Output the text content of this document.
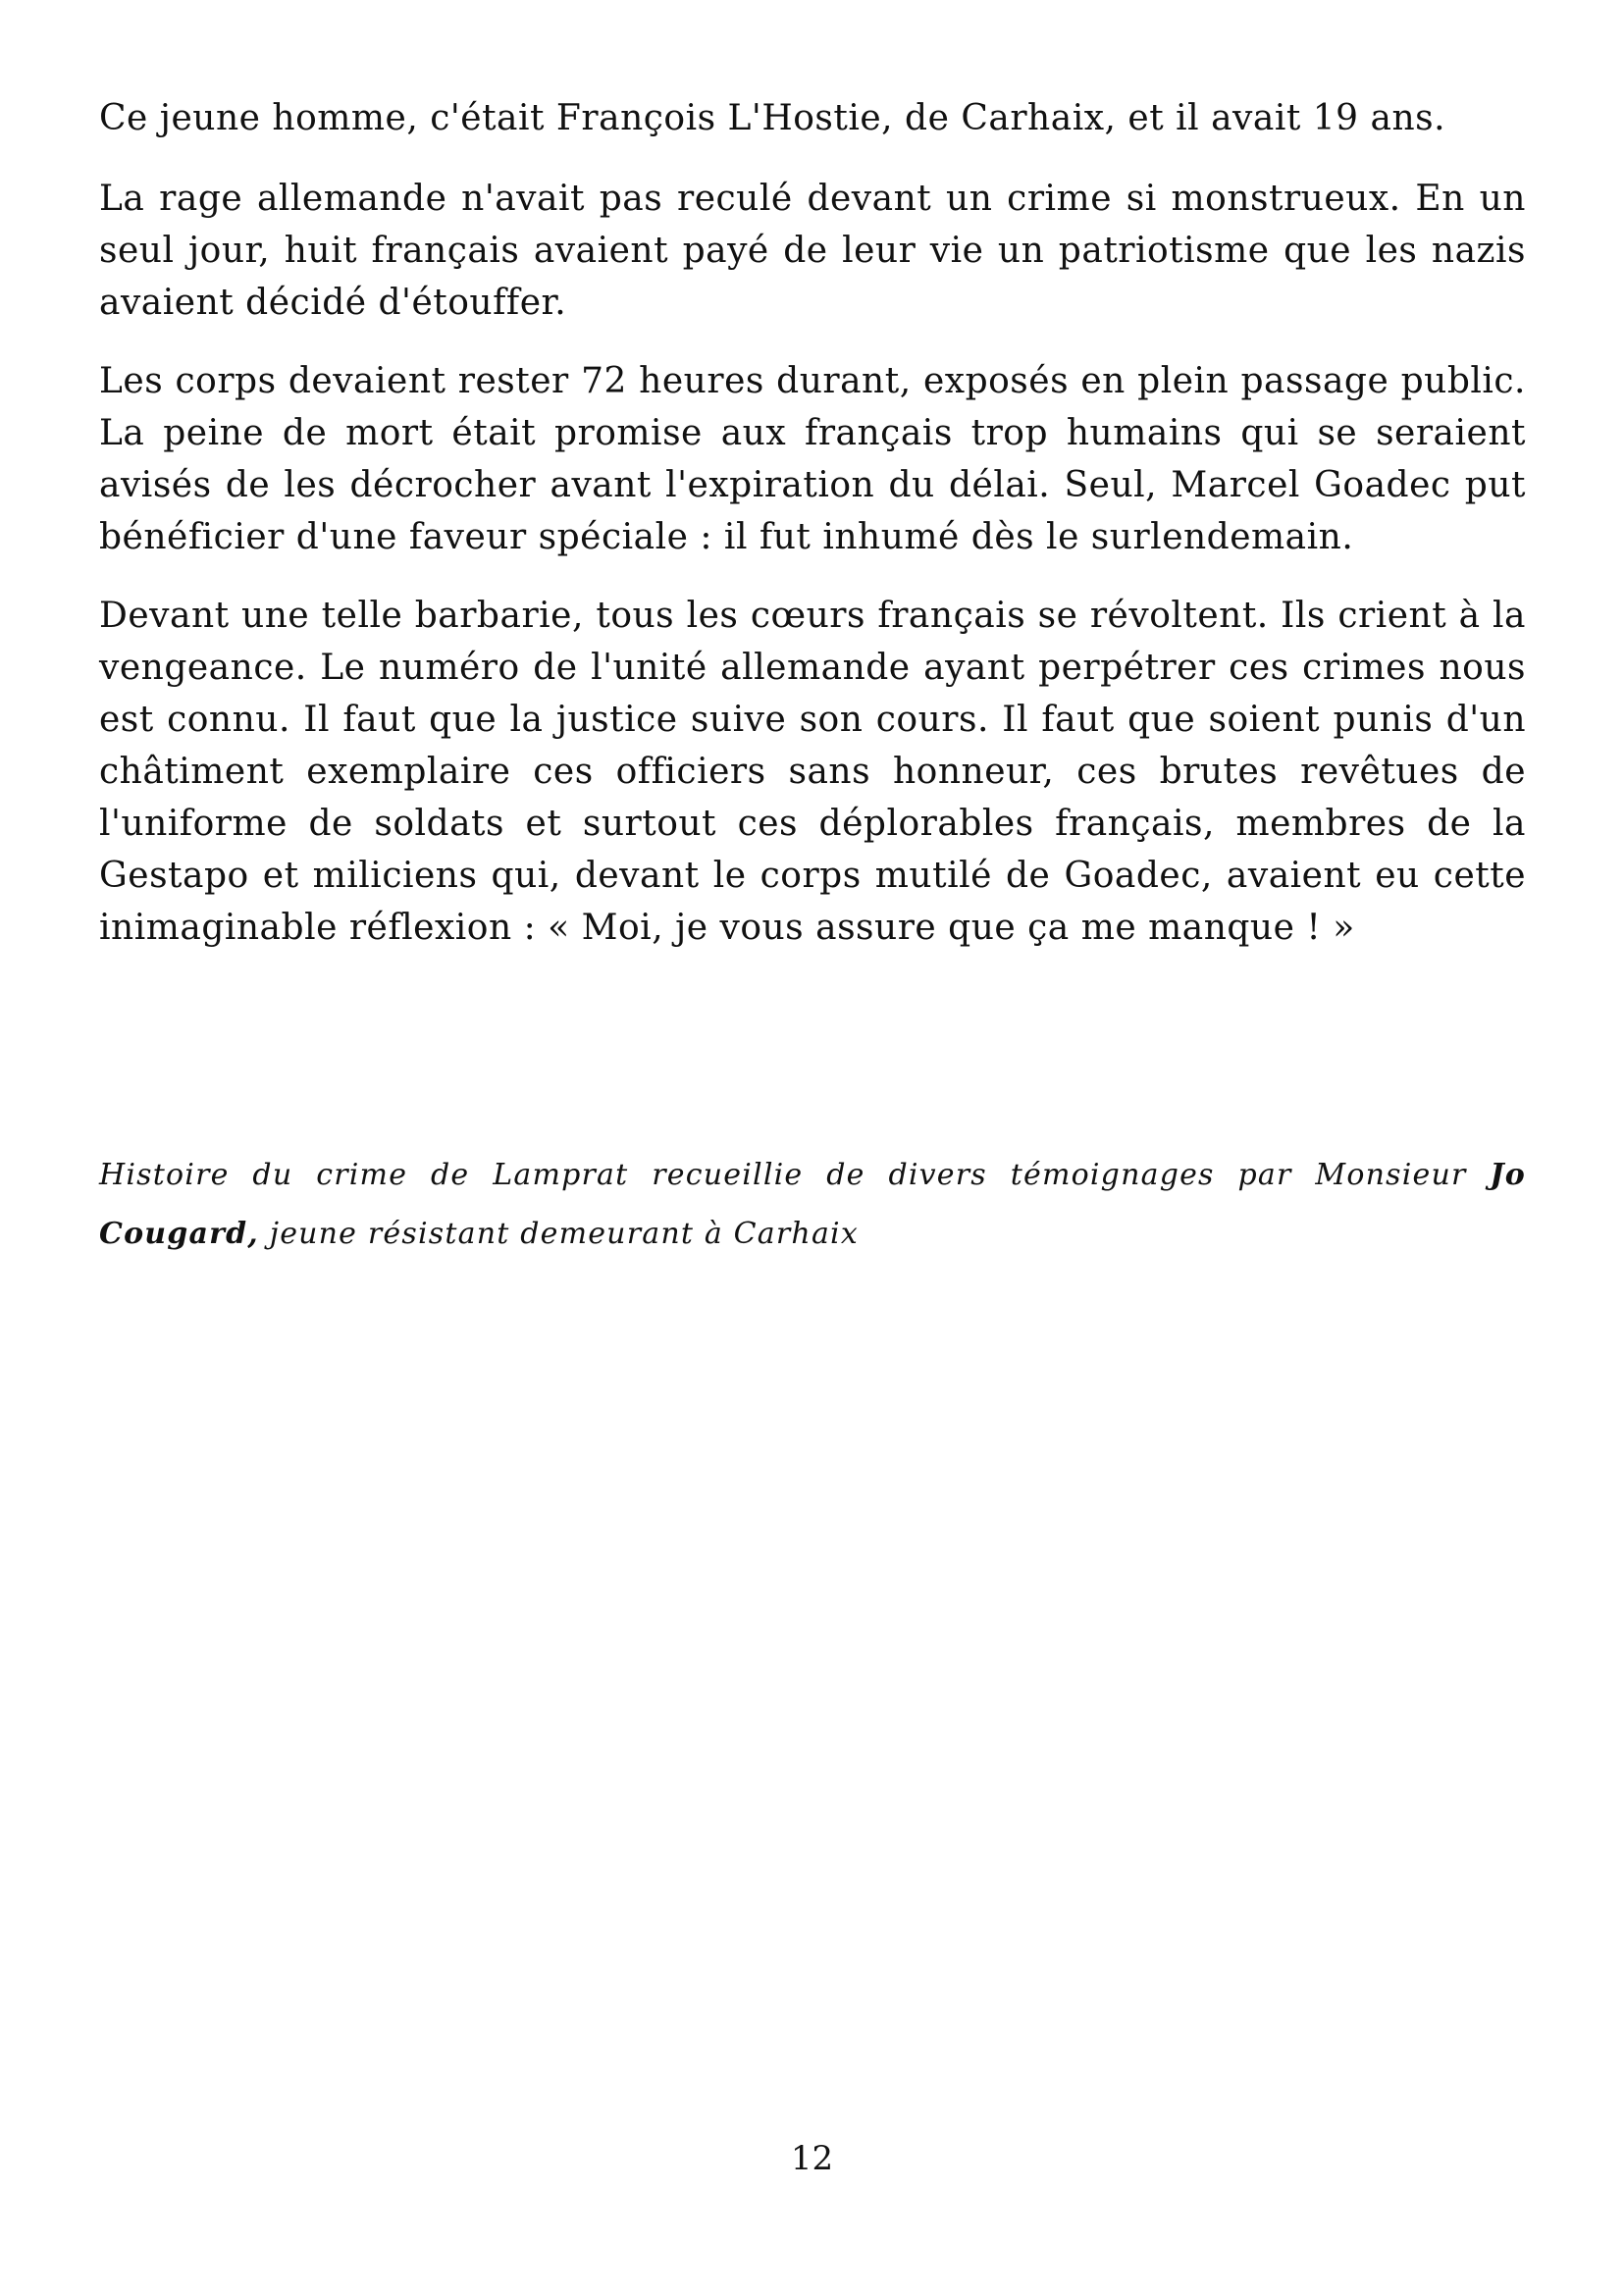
Ce jeune homme, c'était François L'Hostie, de Carhaix, et il avait 19 ans.

La rage allemande n'avait pas reculé devant un crime si monstrueux. En un seul jour, huit français avaient payé de leur vie un patriotisme que les nazis avaient décidé d'étouffer.

Les corps devaient rester 72 heures durant, exposés en plein passage public. La peine de mort était promise aux français trop humains qui se seraient avisés de les décrocher avant l'expiration du délai. Seul, Marcel Goadec put bénéficier d'une faveur spéciale : il fut inhumé dès le surlendemain.

Devant une telle barbarie, tous les cœurs français se révoltent. Ils crient à la vengeance. Le numéro de l'unité allemande ayant perpétrer ces crimes nous est connu. Il faut que la justice suive son cours. Il faut que soient punis d'un châtiment exemplaire ces officiers sans honneur, ces brutes revêtues de l'uniforme de soldats et surtout ces déplorables français, membres de la Gestapo et miliciens qui, devant le corps mutilé de Goadec, avaient eu cette inimaginable réflexion : « Moi, je vous assure que ça me manque ! »

Histoire du crime de Lamprat recueillie de divers témoignages par Monsieur Jo Cougard, jeune résistant demeurant à Carhaix

12
